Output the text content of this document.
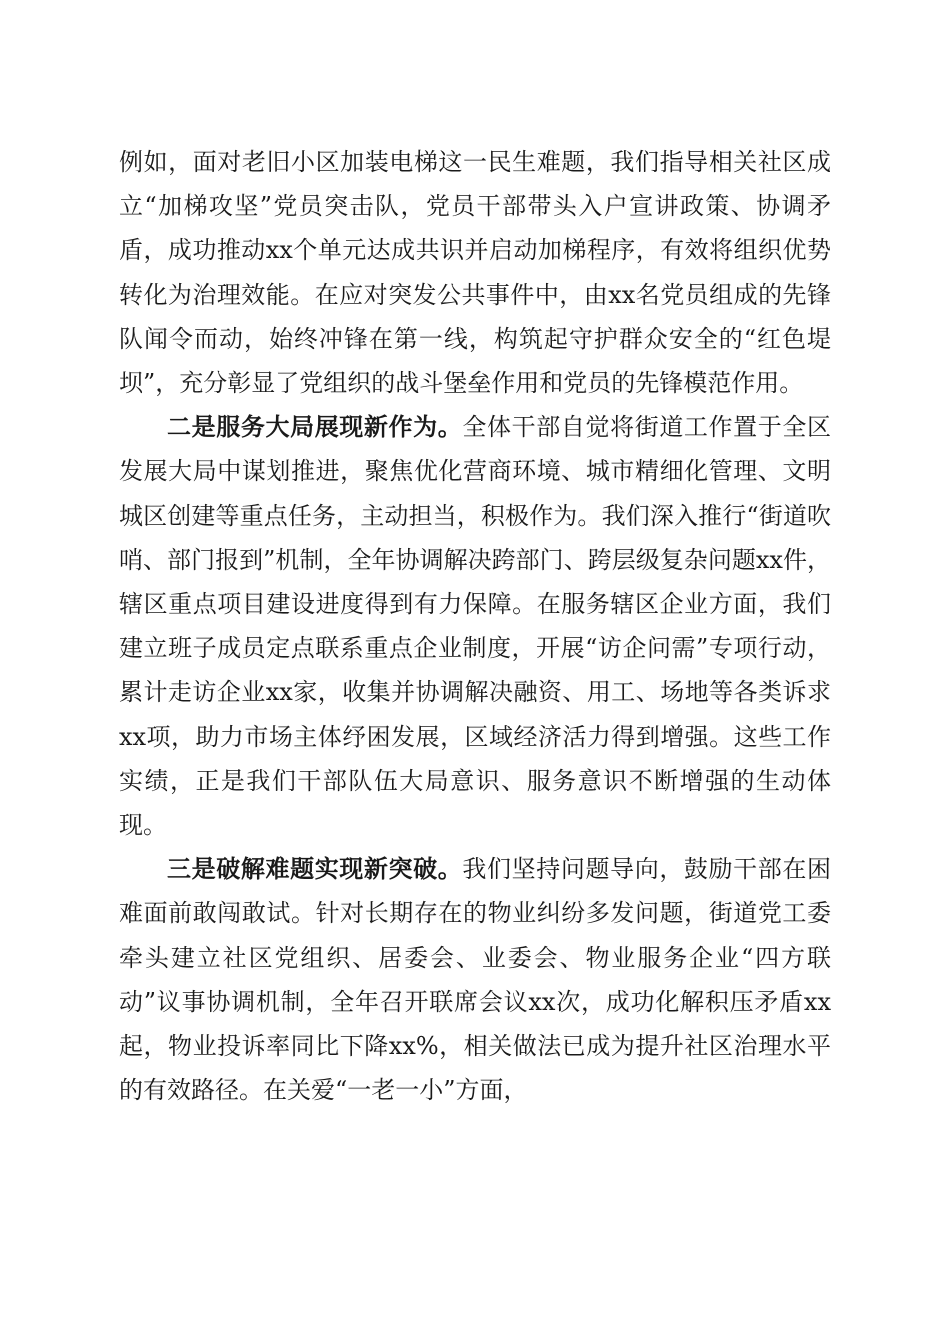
例如，面对老旧小区加装电梯这一民生难题，我们指导相关社区成立“加梯攻坚”党员突击队，党员干部带头入户宣讲政策、协调矛盾，成功推动xx个单元达成共识并启动加梯程序，有效将组织优势转化为治理效能。在应对突发公共事件中，由xx名党员组成的先锋队闻令而动，始终冲锋在第一线，构筑起守护群众安全的“红色堤坝”，充分彰显了党组织的战斗堡垒作用和党员的先锋模范作用。

二是服务大局展现新作为。全体干部自觉将街道工作置于全区发展大局中谋划推进，聚焦优化营商环境、城市精细化管理、文明城区创建等重点任务，主动担当，积极作为。我们深入推行“街道吹哨、部门报到”机制，全年协调解决跨部门、跨层级复杂问题xx件，辖区重点项目建设进度得到有力保障。在服务辖区企业方面，我们建立班子成员定点联系重点企业制度，开展“访企问需”专项行动，累计走访企业xx家，收集并协调解决融资、用工、场地等各类诉求xx项，助力市场主体纾困发展，区域经济活力得到增强。这些工作实绩，正是我们干部队伍大局意识、服务意识不断增强的生动体现。

三是破解难题实现新突破。我们坚持问题导向，鼓励干部在困难面前敢闯敢试。针对长期存在的物业纠纷多发问题，街道党工委牵头建立社区党组织、居委会、业委会、物业服务企业“四方联动”议事协调机制，全年召开联席会议xx次，成功化解积压矛盾xx起，物业投诉率同比下降xx%，相关做法已成为提升社区治理水平的有效路径。在关爱“一老一小”方面，
